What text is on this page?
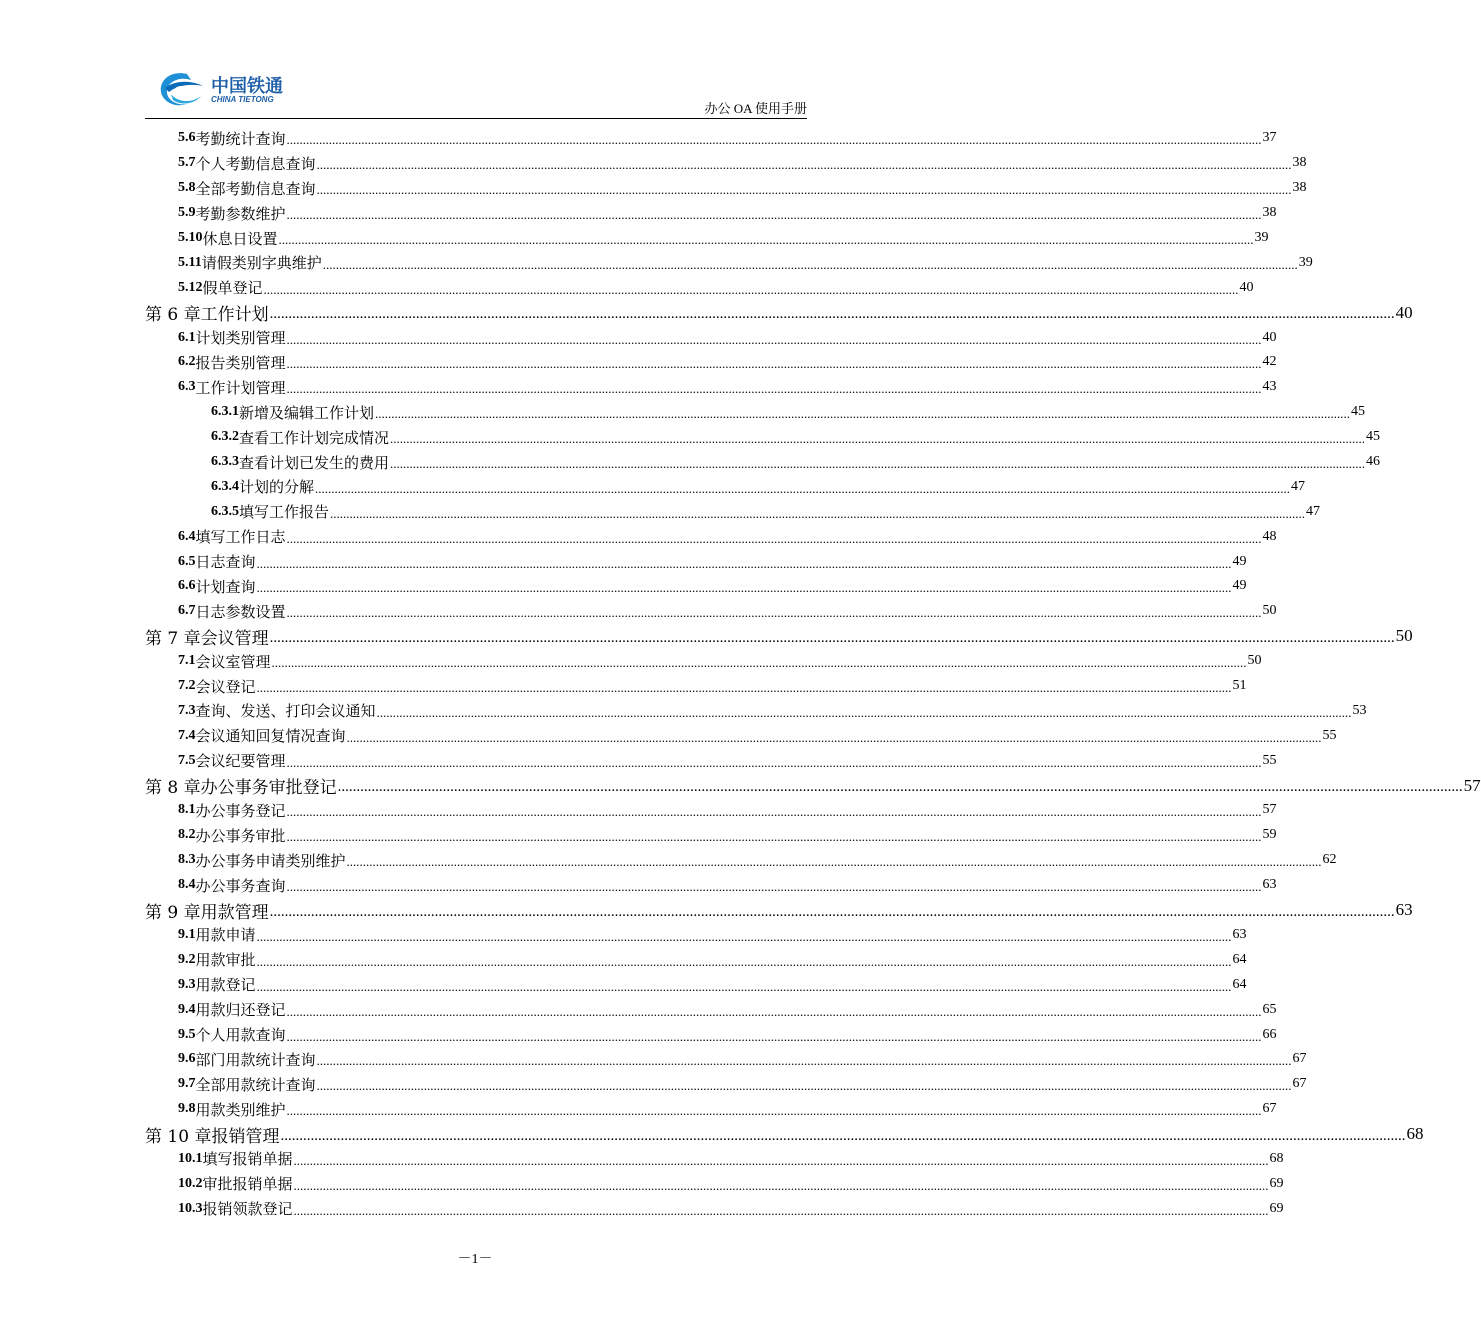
中国铁通
CHINA TIETONG
办公 OA 使用手册
5.6 考勤统计查询 ............................................................................................................................................................................................................................................................................................................ 37
5.7 个人考勤信息查询 ............................................................................................................................................................................................................................................................................................................ 38
5.8 全部考勤信息查询 ............................................................................................................................................................................................................................................................................................................ 38
5.9 考勤参数维护 ............................................................................................................................................................................................................................................................................................................ 38
5.10 休息日设置 ............................................................................................................................................................................................................................................................................................................ 39
5.11 请假类别字典维护 ............................................................................................................................................................................................................................................................................................................ 39
5.12 假单登记 ............................................................................................................................................................................................................................................................................................................ 40
第 6 章 工作计划 ............................................................................................................................................................................................................................................................................................................ 40
6.1 计划类别管理 ............................................................................................................................................................................................................................................................................................................ 40
6.2 报告类别管理 ............................................................................................................................................................................................................................................................................................................ 42
6.3 工作计划管理 ............................................................................................................................................................................................................................................................................................................ 43
6.3.1 新增及编辑工作计划 ............................................................................................................................................................................................................................................................................................................ 45
6.3.2 查看工作计划完成情况 ............................................................................................................................................................................................................................................................................................................ 45
6.3.3 查看计划已发生的费用 ............................................................................................................................................................................................................................................................................................................ 46
6.3.4 计划的分解 ............................................................................................................................................................................................................................................................................................................ 47
6.3.5 填写工作报告 ............................................................................................................................................................................................................................................................................................................ 47
6.4 填写工作日志 ............................................................................................................................................................................................................................................................................................................ 48
6.5 日志查询 ............................................................................................................................................................................................................................................................................................................ 49
6.6 计划查询 ............................................................................................................................................................................................................................................................................................................ 49
6.7 日志参数设置 ............................................................................................................................................................................................................................................................................................................ 50
第 7 章 会议管理 ............................................................................................................................................................................................................................................................................................................ 50
7.1 会议室管理 ............................................................................................................................................................................................................................................................................................................ 50
7.2 会议登记 ............................................................................................................................................................................................................................................................................................................ 51
7.3 查询、发送、打印会议通知 ............................................................................................................................................................................................................................................................................................................ 53
7.4 会议通知回复情况查询 ............................................................................................................................................................................................................................................................................................................ 55
7.5 会议纪要管理 ............................................................................................................................................................................................................................................................................................................ 55
第 8 章 办公事务审批登记 ............................................................................................................................................................................................................................................................................................................ 57
8.1 办公事务登记 ............................................................................................................................................................................................................................................................................................................ 57
8.2 办公事务审批 ............................................................................................................................................................................................................................................................................................................ 59
8.3 办公事务申请类别维护 ............................................................................................................................................................................................................................................................................................................ 62
8.4 办公事务查询 ............................................................................................................................................................................................................................................................................................................ 63
第 9 章 用款管理 ............................................................................................................................................................................................................................................................................................................ 63
9.1 用款申请 ............................................................................................................................................................................................................................................................................................................ 63
9.2 用款审批 ............................................................................................................................................................................................................................................................................................................ 64
9.3 用款登记 ............................................................................................................................................................................................................................................................................................................ 64
9.4 用款归还登记 ............................................................................................................................................................................................................................................................................................................ 65
9.5 个人用款查询 ............................................................................................................................................................................................................................................................................................................ 66
9.6 部门用款统计查询 ............................................................................................................................................................................................................................................................................................................ 67
9.7 全部用款统计查询 ............................................................................................................................................................................................................................................................................................................ 67
9.8 用款类别维护 ............................................................................................................................................................................................................................................................................................................ 67
第 10 章 报销管理 ............................................................................................................................................................................................................................................................................................................ 68
10.1 填写报销单据 ............................................................................................................................................................................................................................................................................................................ 68
10.2 审批报销单据 ............................................................................................................................................................................................................................................................................................................ 69
10.3 报销领款登记 ............................................................................................................................................................................................................................................................................................................ 69
－1－
